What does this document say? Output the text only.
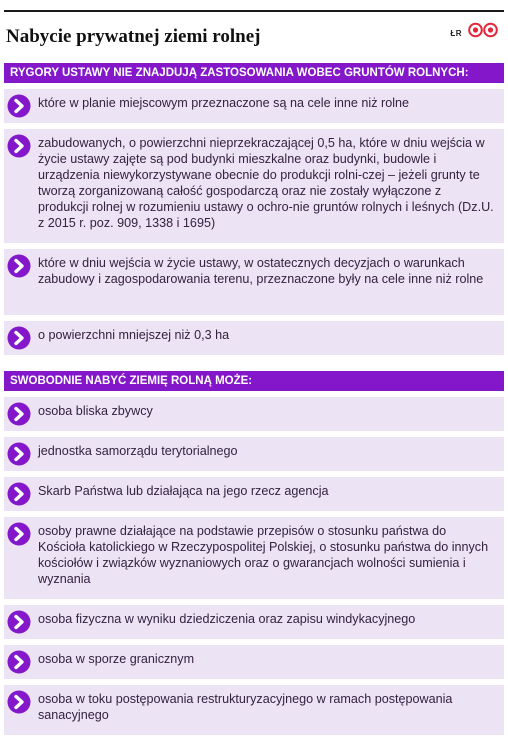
Nabycie prywatnej ziemi rolnej	ŁR
RYGORY USTAWY NIE ZNAJDUJĄ ZASTOSOWANIA WOBEC GRUNTÓW ROLNYCH:
które w planie miejscowym przeznaczone są na cele inne niż rolne
zabudowanych, o powierzchni nieprzekraczającej 0,5 ha, które w dniu wejścia w życie ustawy zajęte są pod budynki mieszkalne oraz budynki, budowle i urządzenia niewykorzystywane obecnie do produkcji rolni-czej – jeżeli grunty te tworzą zorganizowaną całość gospodarczą oraz nie zostały wyłączone z produkcji rolnej w rozumieniu ustawy o ochro-nie gruntów rolnych i leśnych (Dz.U. z 2015 r. poz. 909, 1338 i 1695)
które w dniu wejścia w życie ustawy, w ostatecznych decyzjach o warunkach zabudowy i zagospodarowania terenu, przeznaczone były na cele inne niż rolne
o powierzchni mniejszej niż 0,3 ha
SWOBODNIE NABYĆ ZIEMIĘ ROLNĄ MOŻE:
osoba bliska zbywcy
jednostka samorządu terytorialnego
Skarb Państwa lub działająca na jego rzecz agencja
osoby prawne działające na podstawie przepisów o stosunku państwa do Kościoła katolickiego w Rzeczypospolitej Polskiej, o stosunku państwa do innych kościołów i związków wyznaniowych oraz o gwarancjach wolności sumienia i wyznania
osoba fizyczna w wyniku dziedziczenia oraz zapisu windykacyjnego
osoba w sporze granicznym
osoba w toku postępowania restrukturyzacyjnego w ramach postępowania sanacyjnego
